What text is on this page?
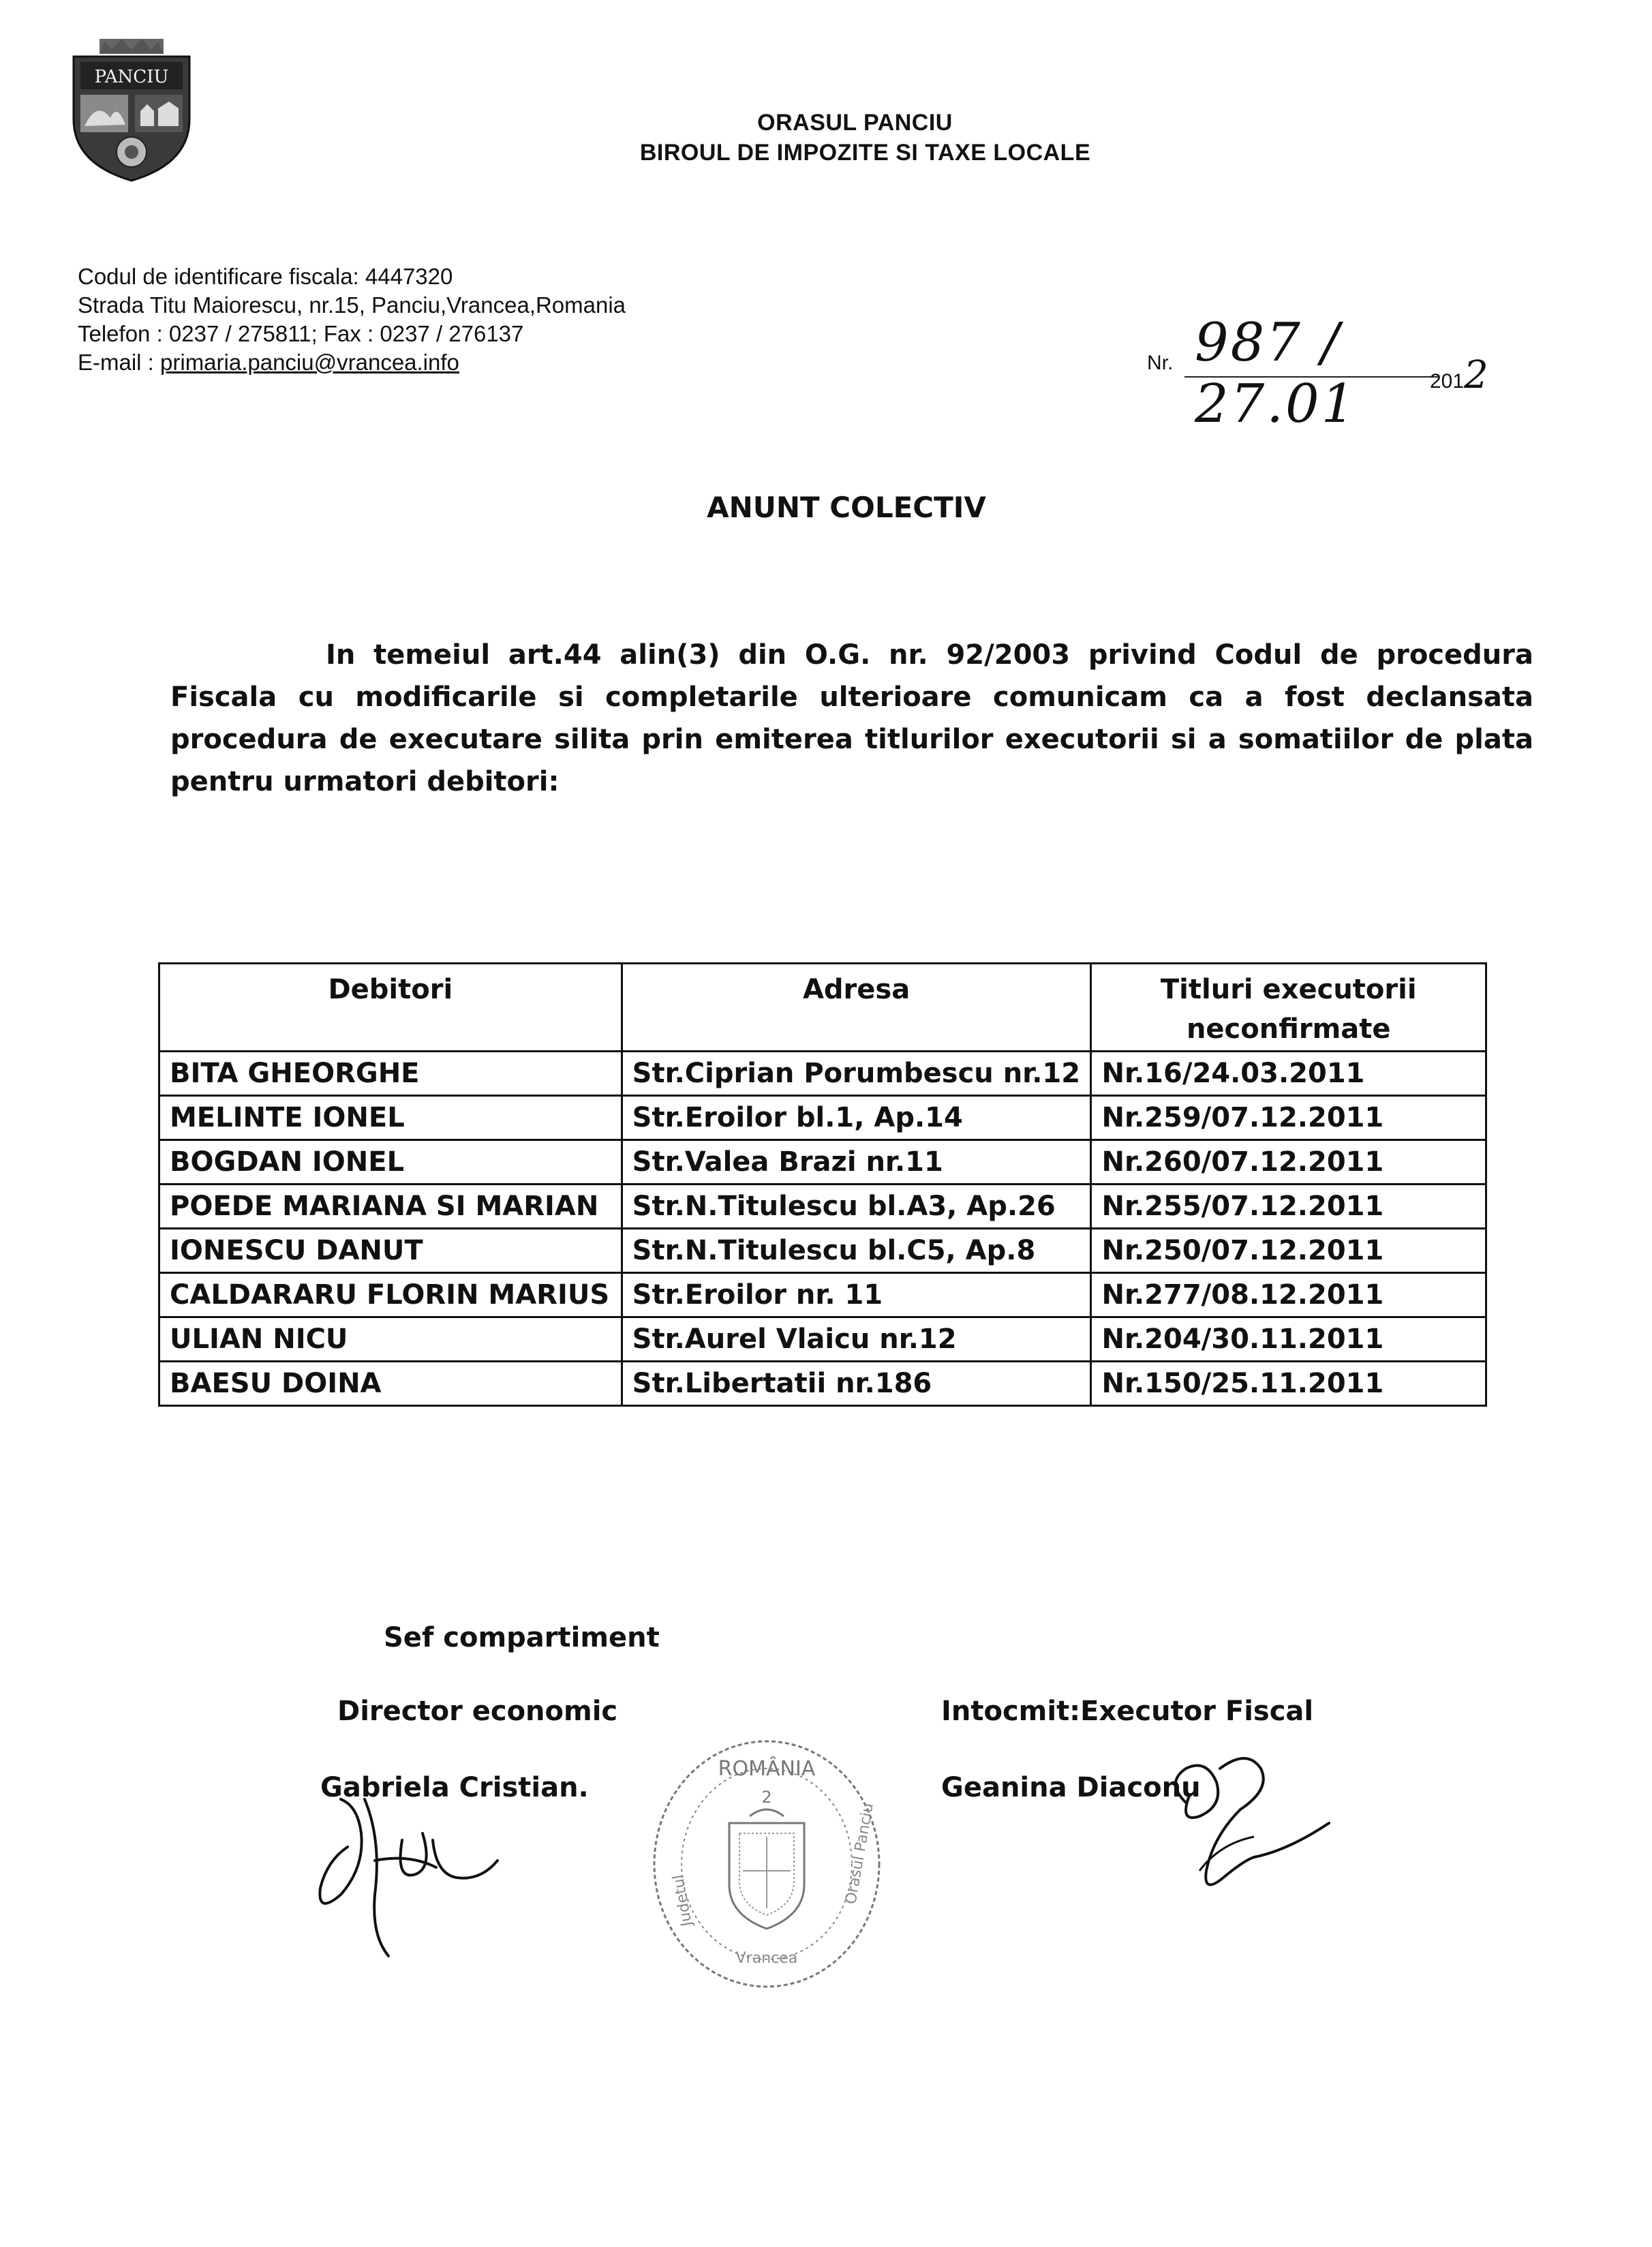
PANCIU
ORASUL PANCIU
BIROUL DE IMPOZITE SI TAXE LOCALE
Codul de identificare fiscala: 4447320
Strada Titu Maiorescu, nr.15, Panciu,Vrancea,Romania
Telefon : 0237 / 275811; Fax : 0237 / 276137
E-mail : primaria.panciu@vrancea.info	Nr. 987 / 27.01	2012
ANUNT COLECTIV
In temeiul art.44 alin(3) din O.G. nr. 92/2003 privind Codul de procedura Fiscala cu modificarile si completarile ulterioare comunicam ca a fost declansata procedura de executare silita prin emiterea titlurilor executorii si a somatiilor de plata pentru urmatori debitori:
Debitori	Adresa	Titluri executorii
neconfirmate

BITA GHEORGHE	Str.Ciprian Porumbescu nr.12	Nr.16/24.03.2011
MELINTE IONEL	Str.Eroilor bl.1, Ap.14	Nr.259/07.12.2011
BOGDAN IONEL	Str.Valea Brazi nr.11	Nr.260/07.12.2011
POEDE MARIANA SI MARIAN	Str.N.Titulescu bl.A3, Ap.26	Nr.255/07.12.2011
IONESCU DANUT	Str.N.Titulescu bl.C5, Ap.8	Nr.250/07.12.2011
CALDARARU FLORIN MARIUS	Str.Eroilor nr. 11	Nr.277/08.12.2011
ULIAN NICU	Str.Aurel Vlaicu nr.12	Nr.204/30.11.2011
BAESU DOINA	Str.Libertatii nr.186	Nr.150/25.11.2011
Sef compartiment
Director economic
Gabriela Cristian.
Intocmit:Executor Fiscal
Geanina Diaconu
ROMÂNIA
2
Vrancea
Orasul Panciu
Judetul
